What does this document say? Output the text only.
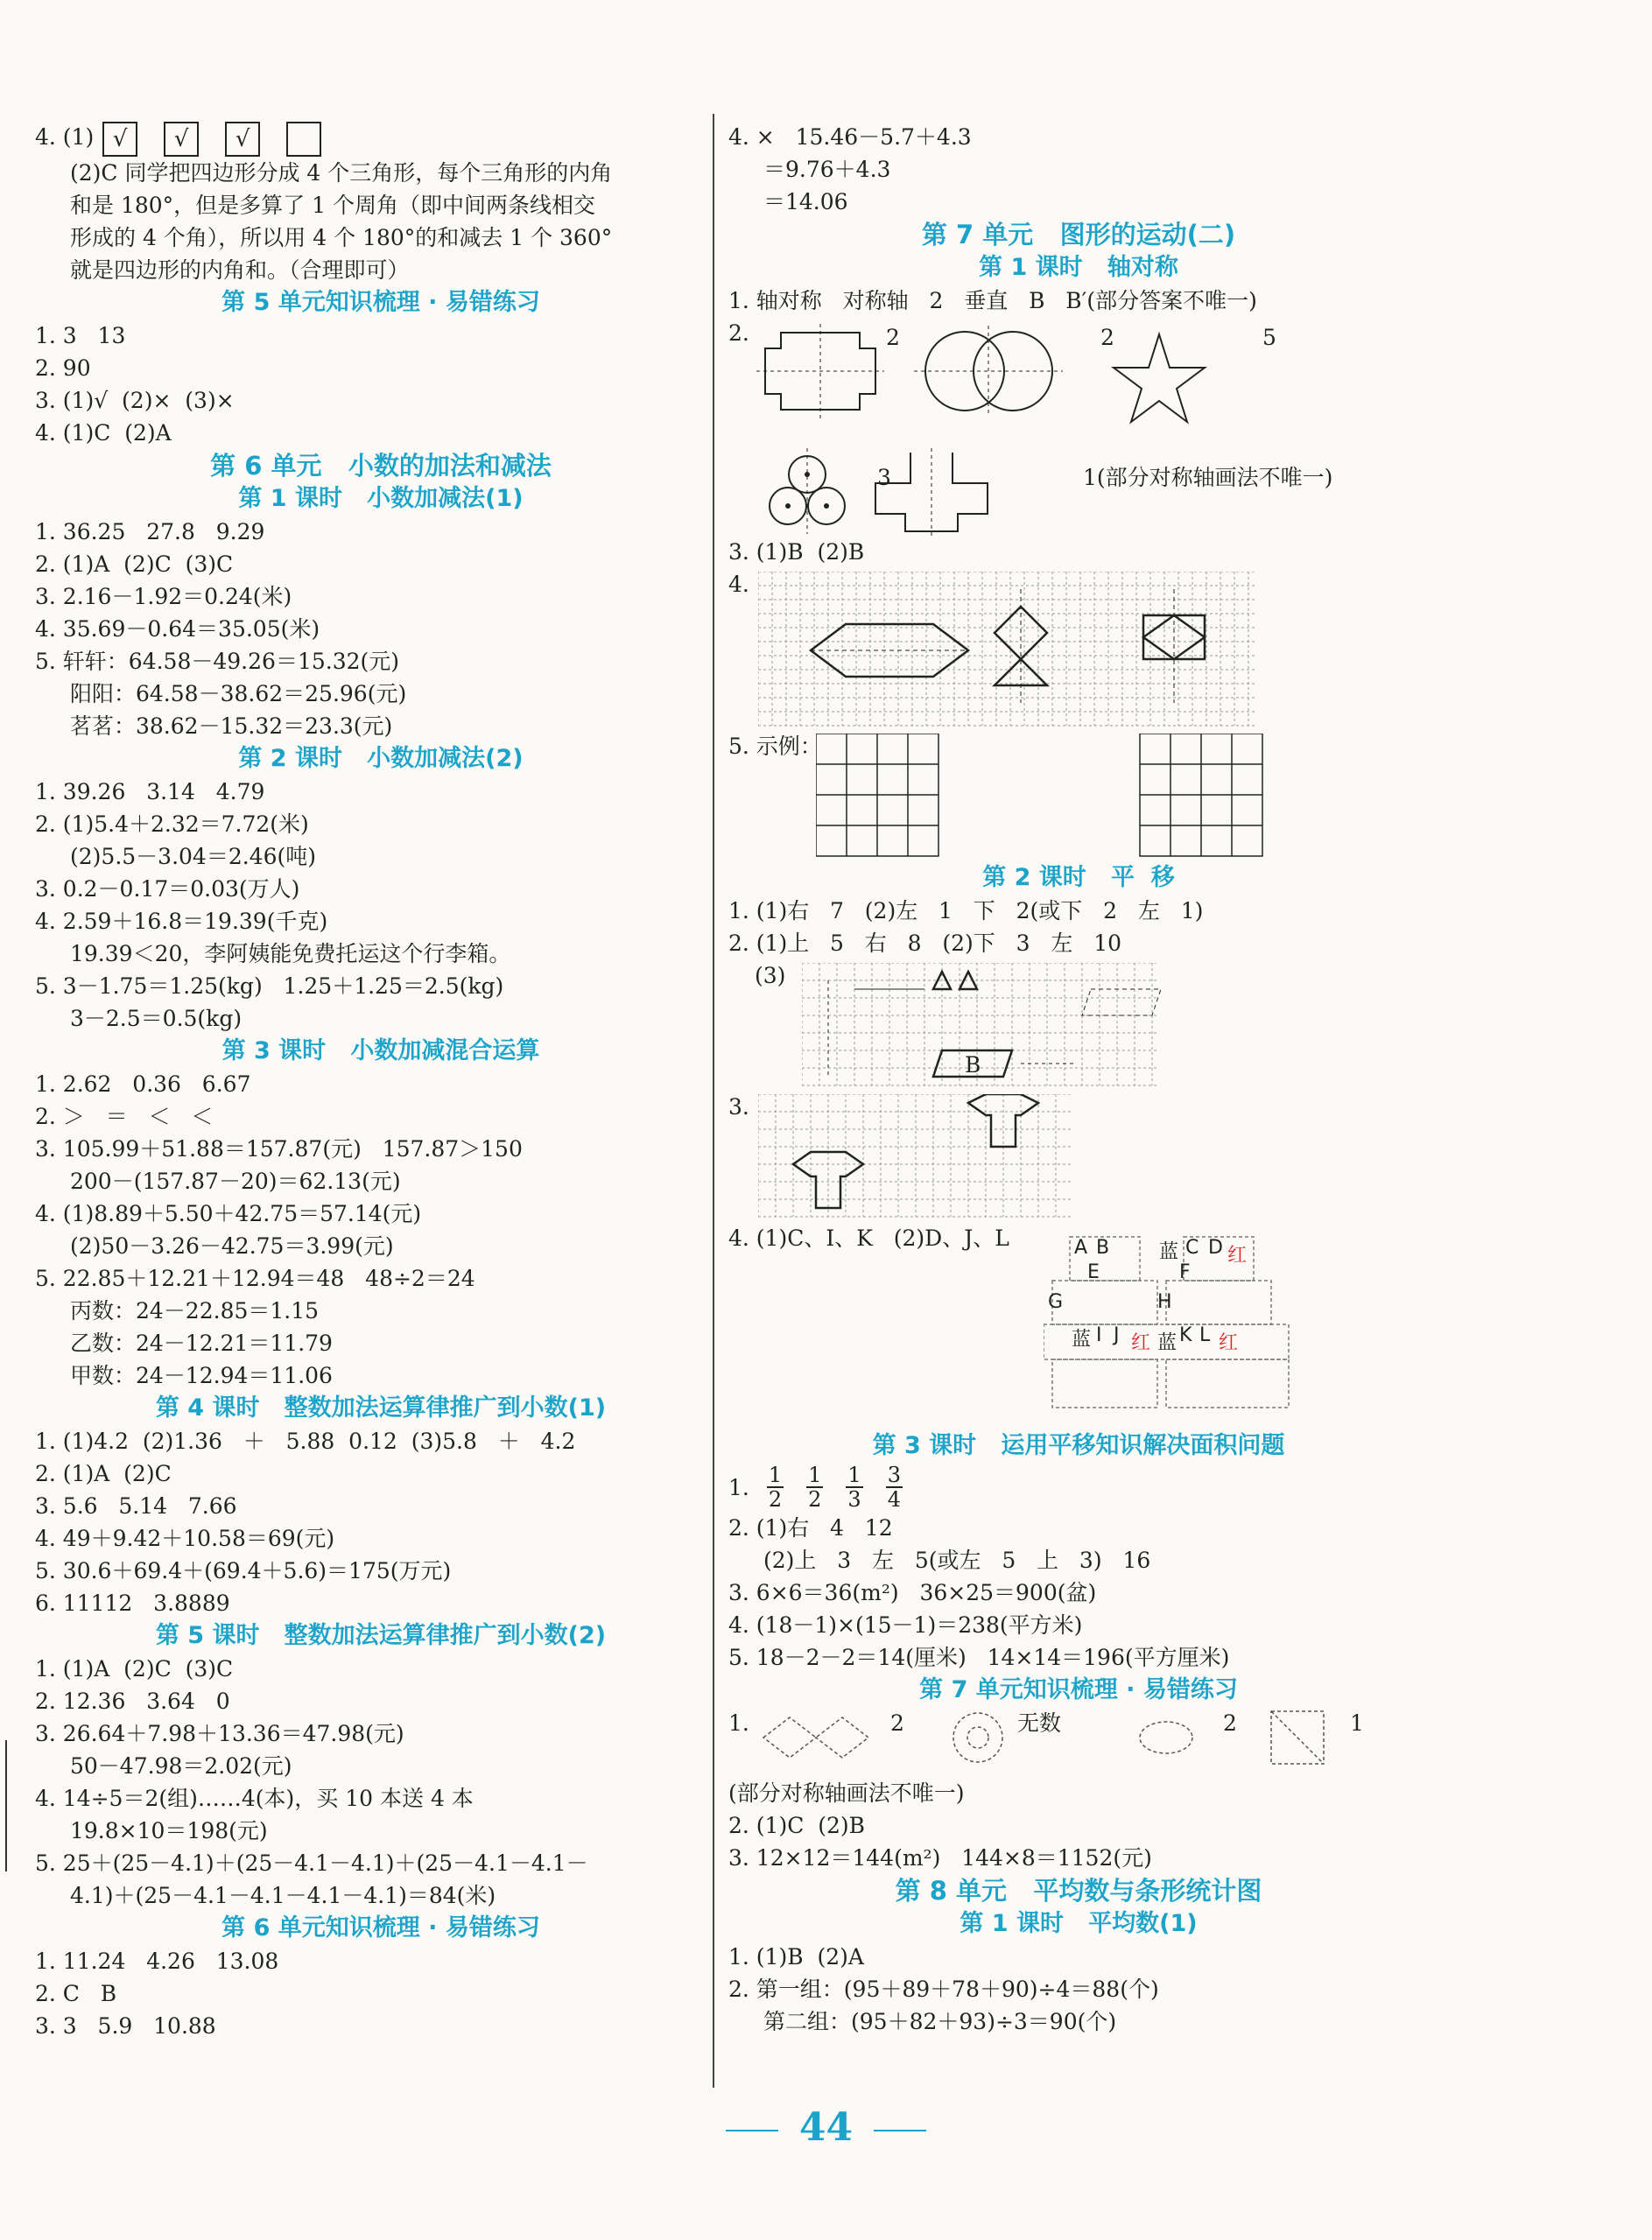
4. (1) √ √ √
(2)C 同学把四边形分成 4 个三角形，每个三角形的内角
和是 180°，但是多算了 1 个周角（即中间两条线相交
形成的 4 个角），所以用 4 个 180°的和减去 1 个 360°
就是四边形的内角和。（合理即可）
第 5 单元知识梳理 · 易错练习
1. 3   13
2. 90
3. (1)√  (2)×  (3)×
4. (1)C  (2)A
第 6 单元   小数的加法和减法
第 1 课时   小数加减法(1)
1. 36.25   27.8   9.29
2. (1)A  (2)C  (3)C
3. 2.16－1.92＝0.24(米)
4. 35.69－0.64＝35.05(米)
5. 轩轩：64.58－49.26＝15.32(元)
阳阳：64.58－38.62＝25.96(元)
茗茗：38.62－15.32＝23.3(元)
第 2 课时   小数加减法(2)
1. 39.26   3.14   4.79
2. (1)5.4＋2.32＝7.72(米)
(2)5.5－3.04＝2.46(吨)
3. 0.2－0.17＝0.03(万人)
4. 2.59＋16.8＝19.39(千克)
19.39＜20，李阿姨能免费托运这个行李箱。
5. 3－1.75＝1.25(kg)   1.25＋1.25＝2.5(kg)
3－2.5＝0.5(kg)
第 3 课时   小数加减混合运算
1. 2.62   0.36   6.67
2. ＞   ＝   ＜   ＜
3. 105.99＋51.88＝157.87(元)   157.87＞150
200－(157.87－20)＝62.13(元)
4. (1)8.89＋5.50＋42.75＝57.14(元)
(2)50－3.26－42.75＝3.99(元)
5. 22.85＋12.21＋12.94＝48   48÷2＝24
丙数：24－22.85＝1.15
乙数：24－12.21＝11.79
甲数：24－12.94＝11.06
第 4 课时   整数加法运算律推广到小数(1)
1. (1)4.2  (2)1.36   ＋   5.88  0.12  (3)5.8   ＋   4.2
2. (1)A  (2)C
3. 5.6   5.14   7.66
4. 49＋9.42＋10.58＝69(元)
5. 30.6＋69.4＋(69.4＋5.6)＝175(万元)
6. 11112   3.8889
第 5 课时   整数加法运算律推广到小数(2)
1. (1)A  (2)C  (3)C
2. 12.36   3.64   0
3. 26.64＋7.98＋13.36＝47.98(元)
50－47.98＝2.02(元)
4. 14÷5＝2(组)……4(本)，买 10 本送 4 本
19.8×10＝198(元)
5. 25＋(25－4.1)＋(25－4.1－4.1)＋(25－4.1－4.1－
4.1)＋(25－4.1－4.1－4.1－4.1)＝84(米)
第 6 单元知识梳理 · 易错练习
1. 11.24   4.26   13.08
2. C   B
3. 3   5.9   10.88
4. ×   15.46－5.7＋4.3
＝9.76＋4.3
＝14.06
第 7 单元   图形的运动(二)
第 1 课时   轴对称
1. 轴对称   对称轴   2   垂直   B   B′(部分答案不唯一)
2.	2	2	5
3	1(部分对称轴画法不唯一)
3. (1)B  (2)B
4.
5. 示例：
第 2 课时   平  移
1. (1)右   7   (2)左   1   下   2(或下   2   左   1)
2. (1)上   5   右   8   (2)下   3   左   10
(3)
B
3.
4. (1)C、I、K   (2)D、J、L	A B	蓝 C D 红
E	F
G	H
蓝 I J 红 蓝 K L 红
第 3 课时   运用平移知识解决面积问题
1. $\frac{1}{2} \frac{1}{2} \frac{1}{3} \frac{3}{4}$
2. (1)右   4   12
(2)上   3   左   5(或左   5   上   3)   16
3. 6×6＝36(m²)   36×25＝900(盆)
4. (18－1)×(15－1)＝238(平方米)
5. 18－2－2＝14(厘米)   14×14＝196(平方厘米)
第 7 单元知识梳理 · 易错练习
1.	2	无数	2	1
(部分对称轴画法不唯一)
2. (1)C  (2)B
3. 12×12＝144(m²)   144×8＝1152(元)
第 8 单元   平均数与条形统计图
第 1 课时   平均数(1)
1. (1)B  (2)A
2. 第一组：(95＋89＋78＋90)÷4＝88(个)
第二组：(95＋82＋93)÷3＝90(个)
44
